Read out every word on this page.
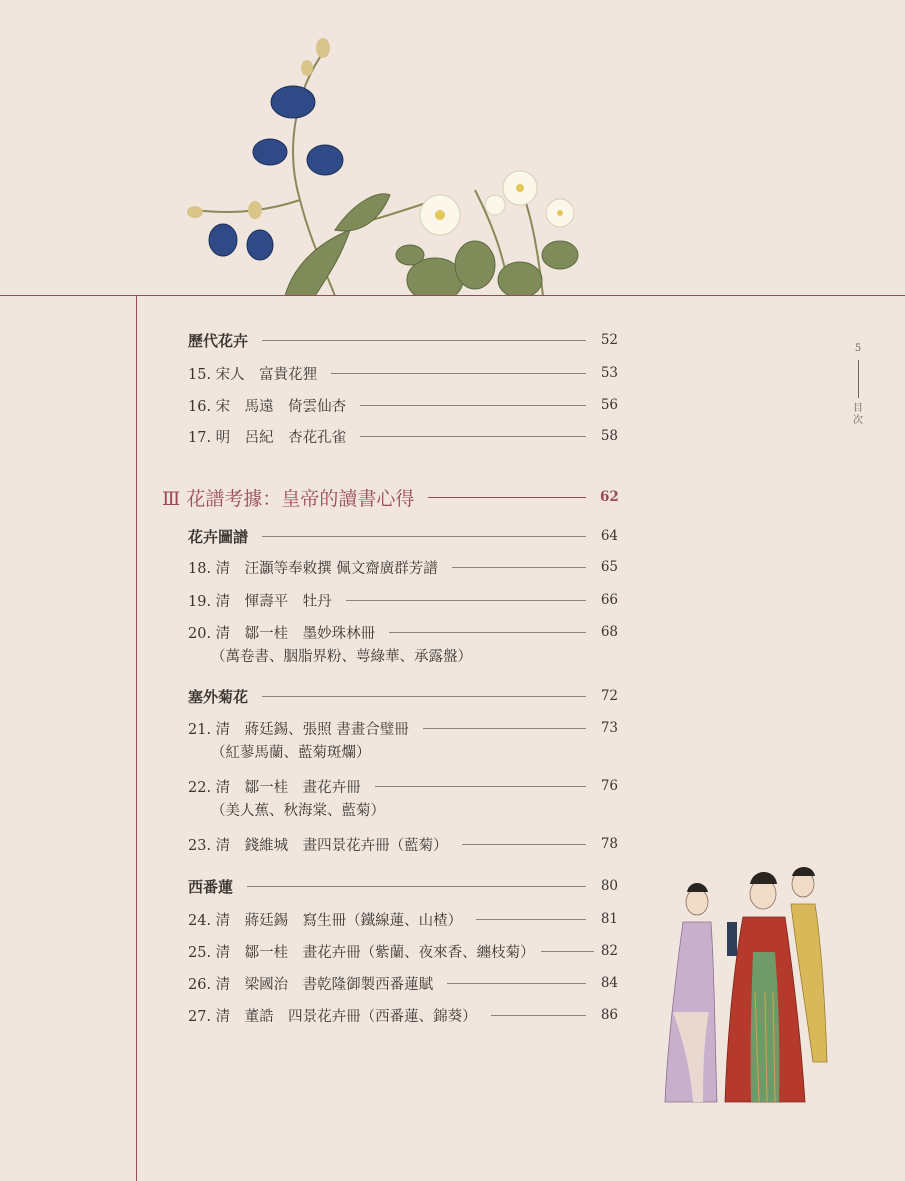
5
目次
歷代花卉	52
15. 宋人　富貴花狸	53
16. 宋　馬遠　倚雲仙杏	56
17. 明　呂紀　杏花孔雀	58
Ⅲ 花譜考據：皇帝的讀書心得	62
花卉圖譜	64
18. 清　汪灝等奉敕撰 佩文齋廣群芳譜	65
19. 清　惲壽平　牡丹	66
20. 清　鄒一桂　墨妙珠林冊	68
（萬卷書、胭脂界粉、萼綠華、承露盤）
塞外菊花	72
21. 清　蔣廷錫、張照 書畫合璧冊	73
（紅蓼馬蘭、藍菊斑爛）
22. 清　鄒一桂　畫花卉冊	76
（美人蕉、秋海棠、藍菊）
23. 清　錢維城　畫四景花卉冊（藍菊）	78
西番蓮	80
24. 清　蔣廷錫　寫生冊（鐵線蓮、山楂）	81
25. 清　鄒一桂　畫花卉冊（紫蘭、夜來香、纏枝菊）	82
26. 清　梁國治　書乾隆御製西番蓮賦	84
27. 清　董誥　四景花卉冊（西番蓮、錦葵）	86
